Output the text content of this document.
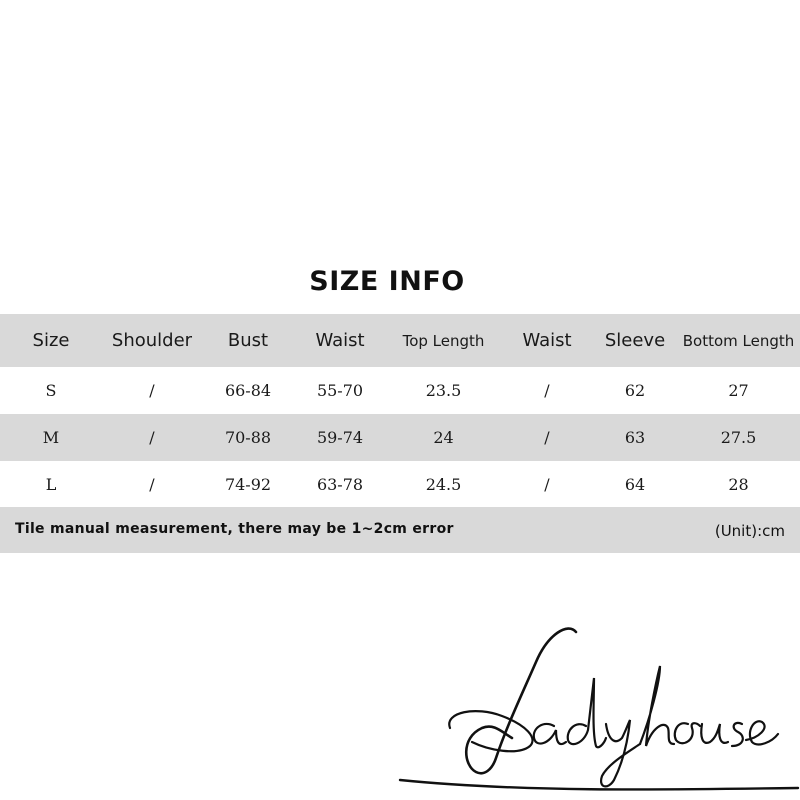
SIZE INFO
Size	Shoulder	Bust	Waist	Top Length	Waist	Sleeve	Bottom Length
S	/	66-84	55-70	23.5	/	62	27
M	/	70-88	59-74	24	/	63	27.5
L	/	74-92	63-78	24.5	/	64	28
Tile manual measurement, there may be 1~2cm error	(Unit):cm
